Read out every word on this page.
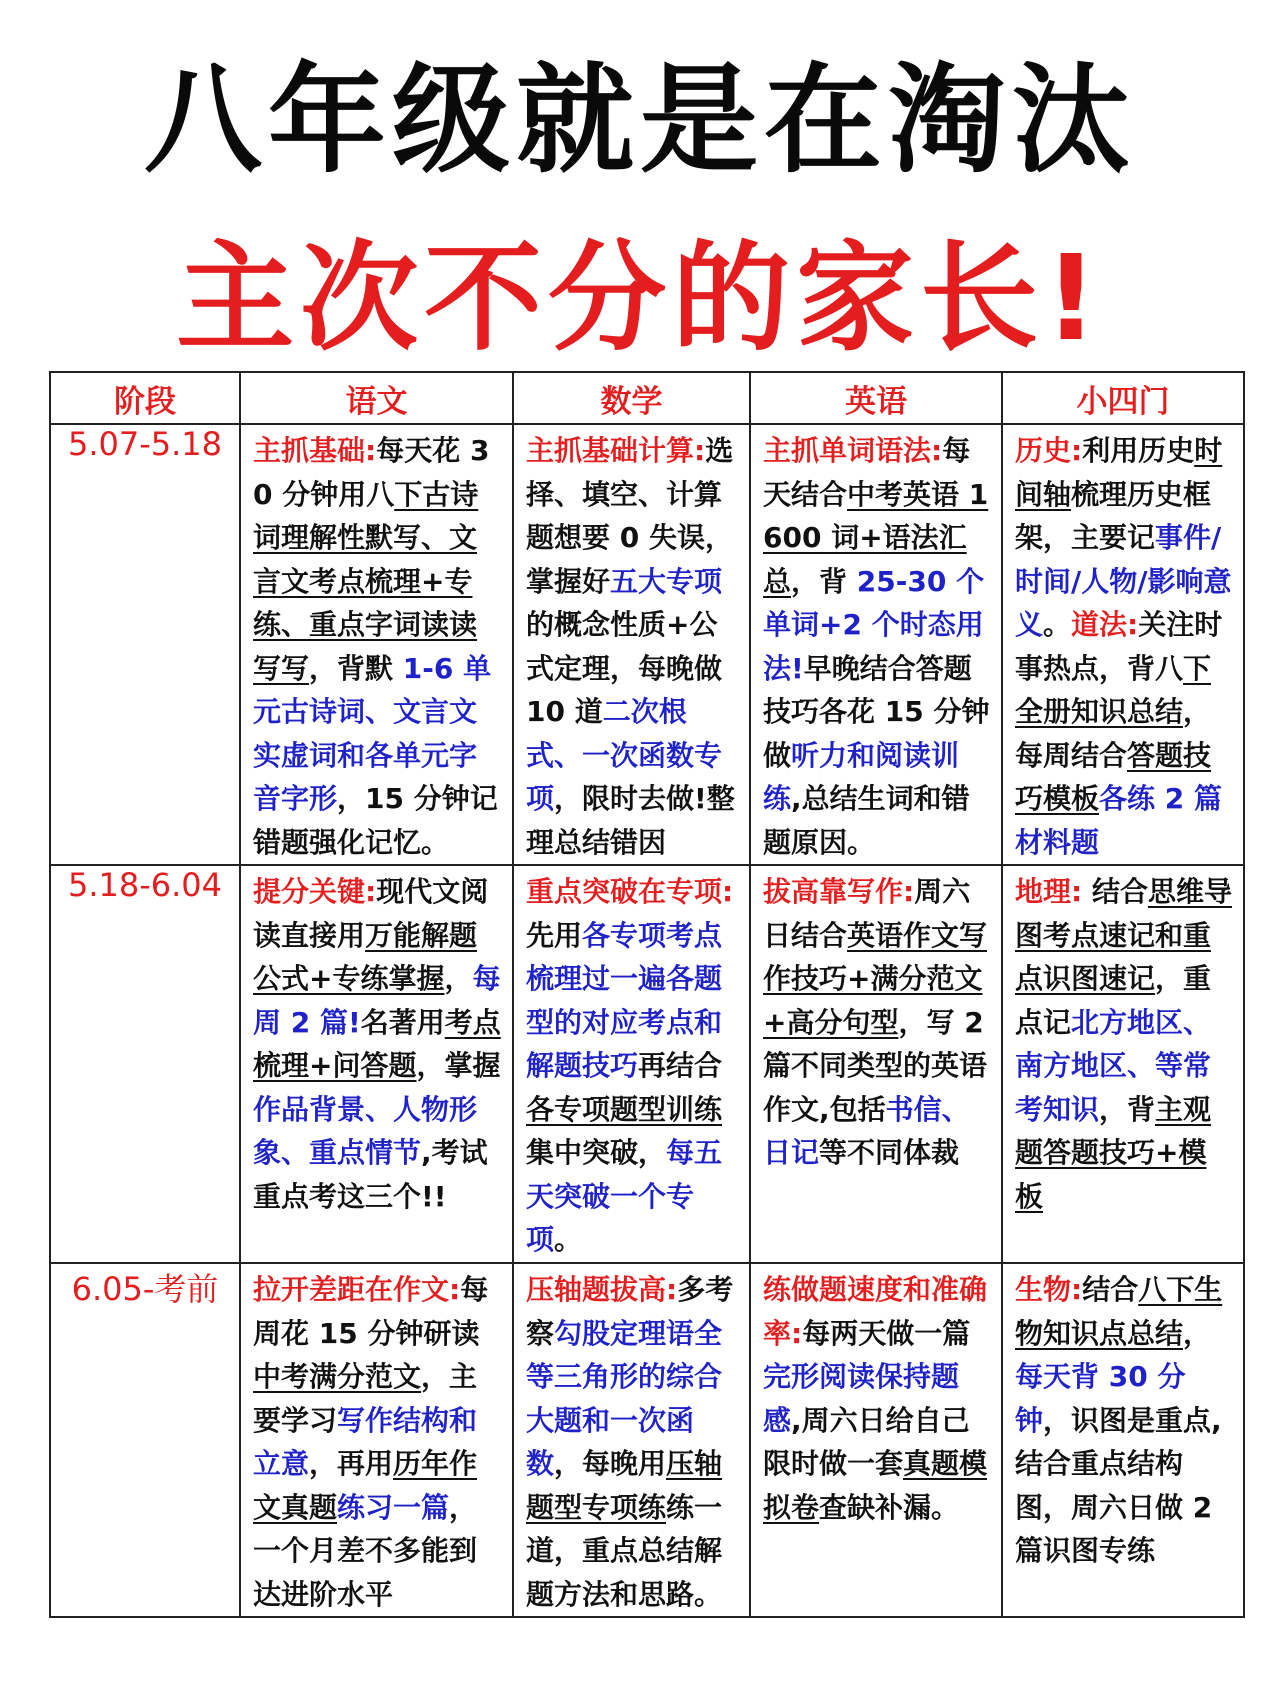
八年级就是在淘汰
主次不分的家长!
阶段	语文	数学	英语	小四门
5.07-5.18	主抓基础:每天花 30 分钟用八下古诗词理解性默写、文言文考点梳理+专练、重点字词读读写写，背默 1-6 单元古诗词、文言文实虚词和各单元字音字形，15 分钟记错题强化记忆。	主抓基础计算:选择、填空、计算题想要 0 失误，掌握好五大专项的概念性质+公式定理，每晚做 10 道二次根式、一次函数专项，限时去做!整理总结错因	主抓单词语法:每天结合中考英语 1600 词+语法汇总，背 25-30 个单词+2 个时态用法!早晚结合答题技巧各花 15 分钟做听力和阅读训练,总结生词和错题原因。	历史:利用历史时间轴梳理历史框架，主要记事件/时间/人物/影响意义。道法:关注时事热点，背八下全册知识总结，每周结合答题技巧模板各练 2 篇材料题
5.18-6.04	提分关键:现代文阅读直接用万能解题公式+专练掌握，每周 2 篇!名著用考点梳理+问答题，掌握作品背景、人物形象、重点情节,考试重点考这三个!!	重点突破在专项:先用各专项考点梳理过一遍各题型的对应考点和解题技巧再结合各专项题型训练集中突破，每五天突破一个专项。	拔高靠写作:周六日结合英语作文写作技巧+满分范文+高分句型，写 2 篇不同类型的英语作文,包括书信、日记等不同体裁	地理: 结合思维导图考点速记和重点识图速记，重点记北方地区、南方地区、等常考知识，背主观题答题技巧+模板
6.05-考前	拉开差距在作文:每周花 15 分钟研读中考满分范文，主要学习写作结构和立意，再用历年作文真题练习一篇，一个月差不多能到达进阶水平	压轴题拔高:多考察勾股定理语全等三角形的综合大题和一次函数，每晚用压轴题型专项练练一道，重点总结解题方法和思路。	练做题速度和准确率:每两天做一篇完形阅读保持题感,周六日给自己限时做一套真题模拟卷查缺补漏。	生物:结合八下生物知识点总结，每天背 30 分钟，识图是重点,结合重点结构图，周六日做 2 篇识图专练
